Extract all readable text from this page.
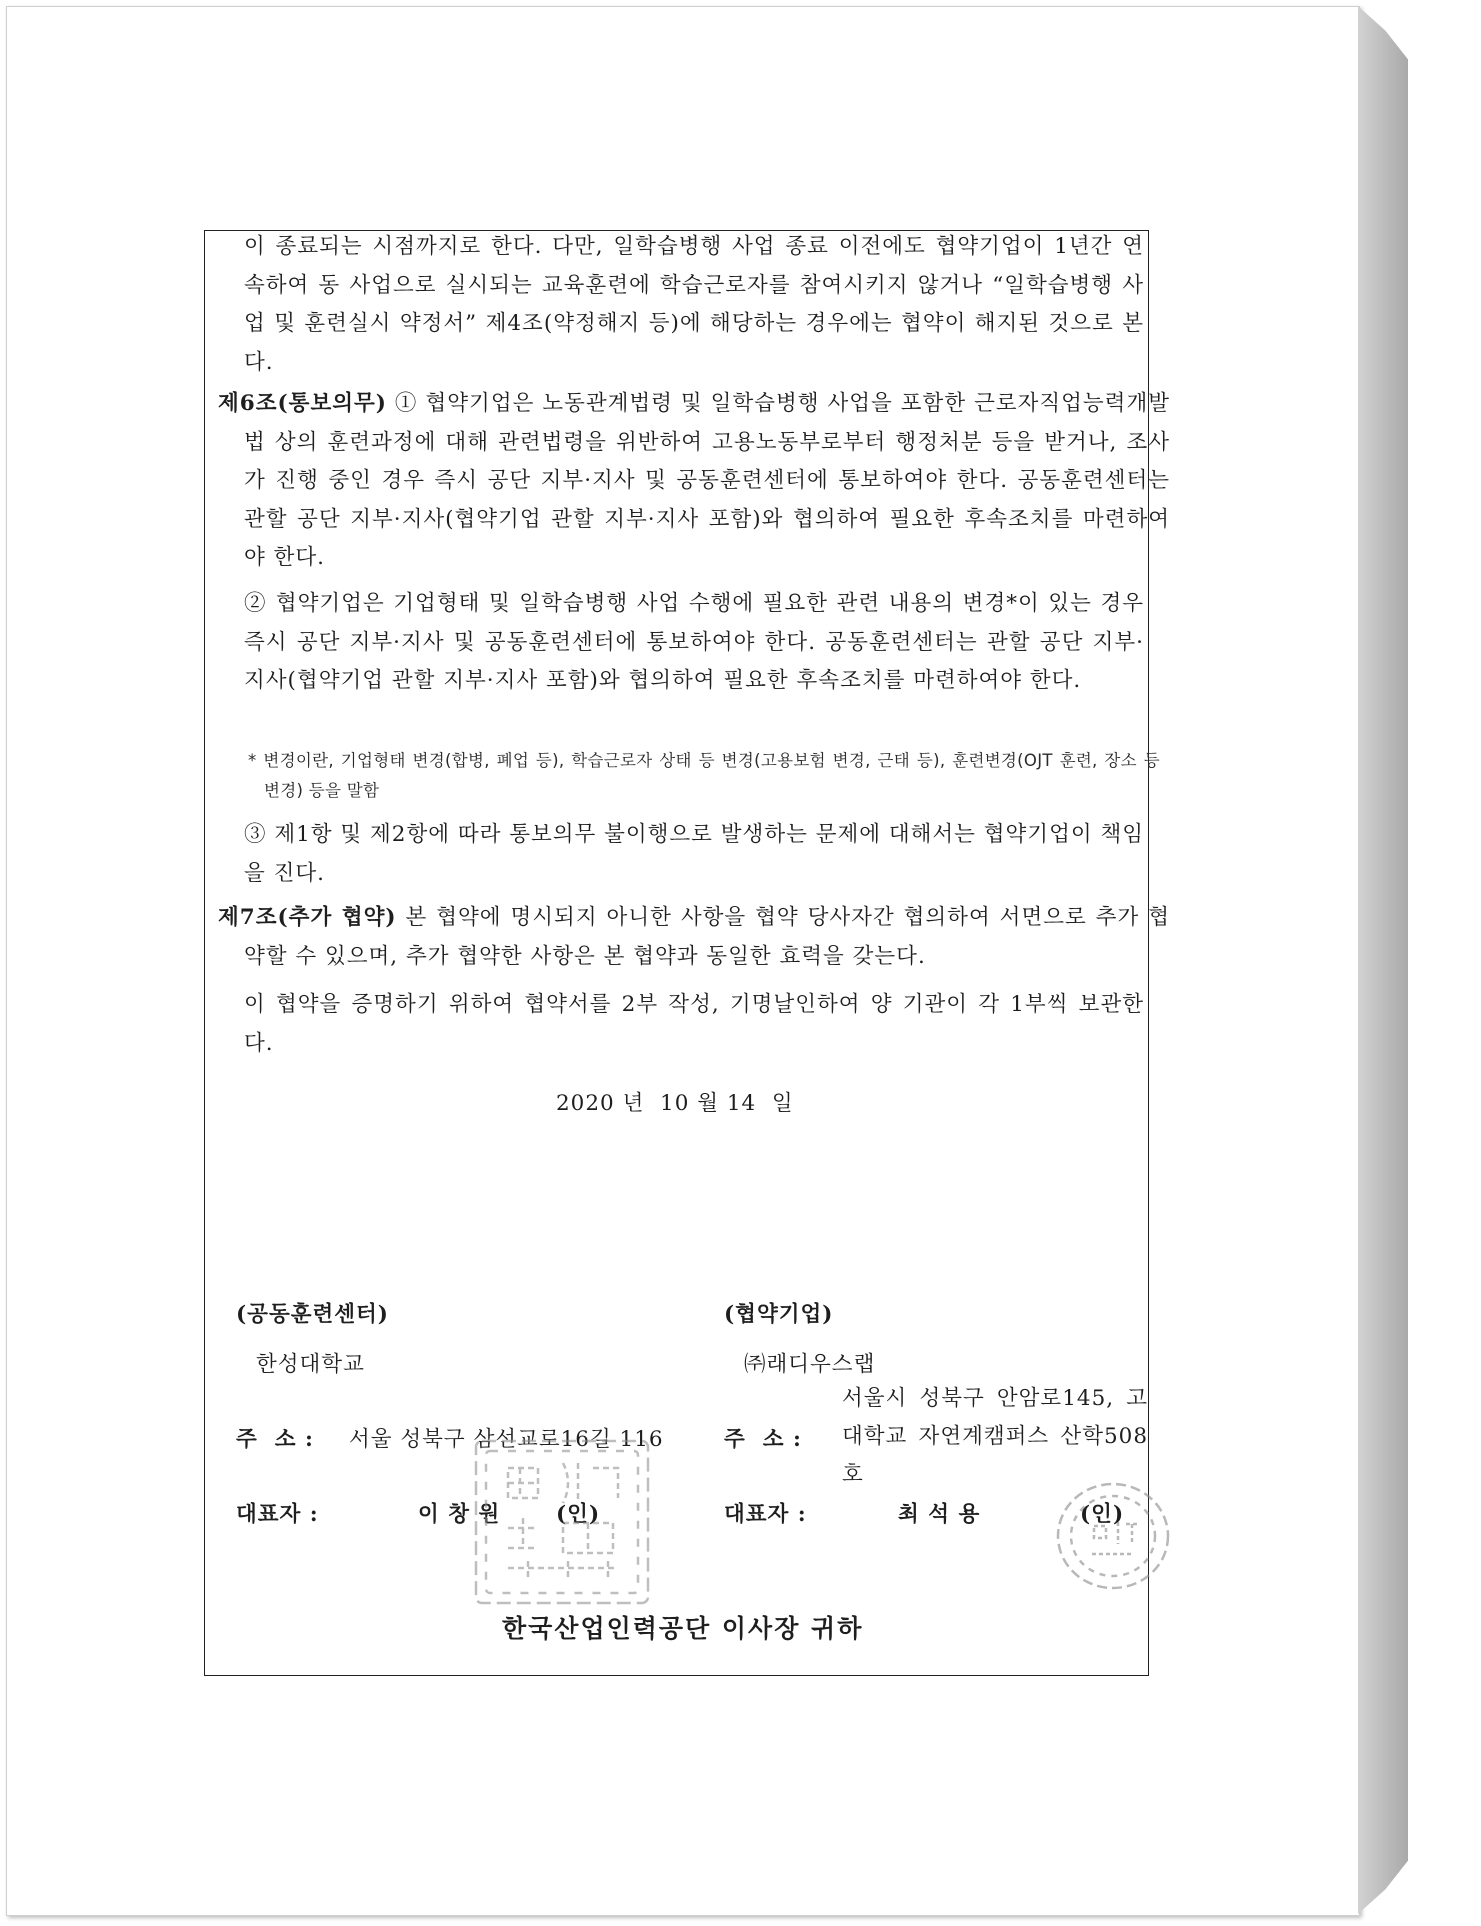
이 종료되는 시점까지로 한다. 다만, 일학습병행 사업 종료 이전에도 협약기업이 1년간 연속하여 동 사업으로 실시되는 교육훈련에 학습근로자를 참여시키지 않거나 “일학습병행 사업 및 훈련실시 약정서” 제4조(약정해지 등)에 해당하는 경우에는 협약이 해지된 것으로 본다.

제6조(통보의무) ① 협약기업은 노동관계법령 및 일학습병행 사업을 포함한 근로자직업능력개발법 상의 훈련과정에 대해 관련법령을 위반하여 고용노동부로부터 행정처분 등을 받거나, 조사가 진행 중인 경우 즉시 공단 지부·지사 및 공동훈련센터에 통보하여야 한다. 공동훈련센터는 관할 공단 지부·지사(협약기업 관할 지부·지사 포함)와 협의하여 필요한 후속조치를 마련하여야 한다.

② 협약기업은 기업형태 및 일학습병행 사업 수행에 필요한 관련 내용의 변경*이 있는 경우 즉시 공단 지부·지사 및 공동훈련센터에 통보하여야 한다. 공동훈련센터는 관할 공단 지부·지사(협약기업 관할 지부·지사 포함)와 협의하여 필요한 후속조치를 마련하여야 한다.

* 변경이란, 기업형태 변경(합병, 폐업 등), 학습근로자 상태 등 변경(고용보험 변경, 근태 등), 훈련변경(OJT 훈련, 장소 등 변경) 등을 말함

③ 제1항 및 제2항에 따라 통보의무 불이행으로 발생하는 문제에 대해서는 협약기업이 책임을 진다.

제7조(추가 협약) 본 협약에 명시되지 아니한 사항을 협약 당사자간 협의하여 서면으로 추가 협약할 수 있으며, 추가 협약한 사항은 본 협약과 동일한 효력을 갖는다.

이 협약을 증명하기 위하여 협약서를 2부 작성, 기명날인하여 양 기관이 각 1부씩 보관한다.

2020 년 10 월 14 일
(공동훈련센터)
한성대학교
주  소 : 서울 성북구 삼선교로16길 116
대표자 :	이 창 원	(인)
(협약기업)
㈜래디우스랩
주  소 :

서울시 성북구 안암로145, 고대학교 자연계캠퍼스 산학508호

대표자 :	최 석 용	(인)
한국산업인력공단 이사장 귀하
